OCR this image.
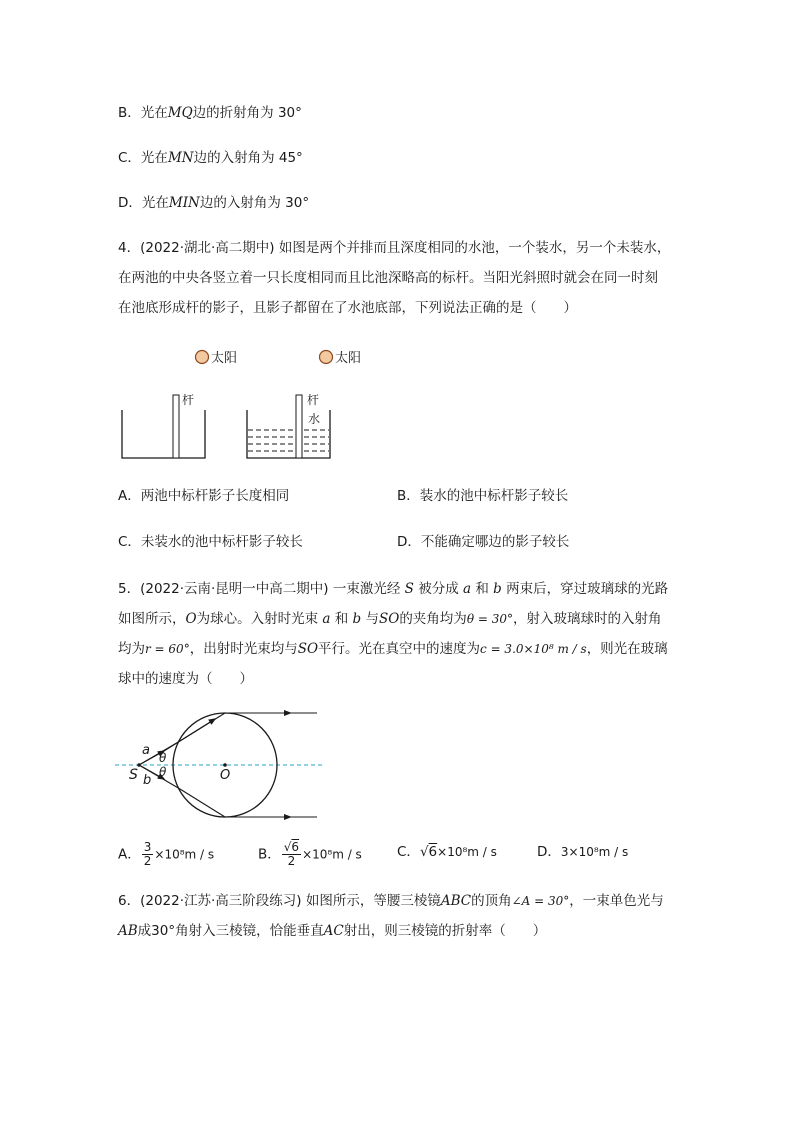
B．光在MQ边的折射角为 30°
C．光在MN边的入射角为 45°
D．光在MIN边的入射角为 30°
4．(2022·湖北·高二期中) 如图是两个并排而且深度相同的水池，一个装水，另一个未装水，
在两池的中央各竖立着一只长度相同而且比池深略高的标杆。当阳光斜照时就会在同一时刻
在池底形成杆的影子，且影子都留在了水池底部，下列说法正确的是（　　）
太阳	太阳
杆	杆
水
A．两池中标杆影子长度相同	B．装水的池中标杆影子较长
C．未装水的池中标杆影子较长	D．不能确定哪边的影子较长
5．(2022·云南·昆明一中高二期中) 一束激光经 S 被分成 a 和 b 两束后，穿过玻璃球的光路
如图所示，O为球心。入射时光束 a 和 b 与SO的夹角均为θ = 30°，射入玻璃球时的入射角
均为r = 60°，出射时光束均与SO平行。光在真空中的速度为c = 3.0×10⁸ m / s，则光在玻璃
球中的速度为（　　）
S	O
a
b
θ
θ
A． $\frac{3}{2} \times 10^8m / s$	B． $\frac{√6}{2} \times 10^8m / s$	C．√6×10⁸m / s	D．3×10⁸m / s
6．(2022·江苏·高三阶段练习) 如图所示，等腰三棱镜ABC的顶角∠A = 30°，一束单色光与
AB成30°角射入三棱镜，恰能垂直AC射出，则三棱镜的折射率（　　）
